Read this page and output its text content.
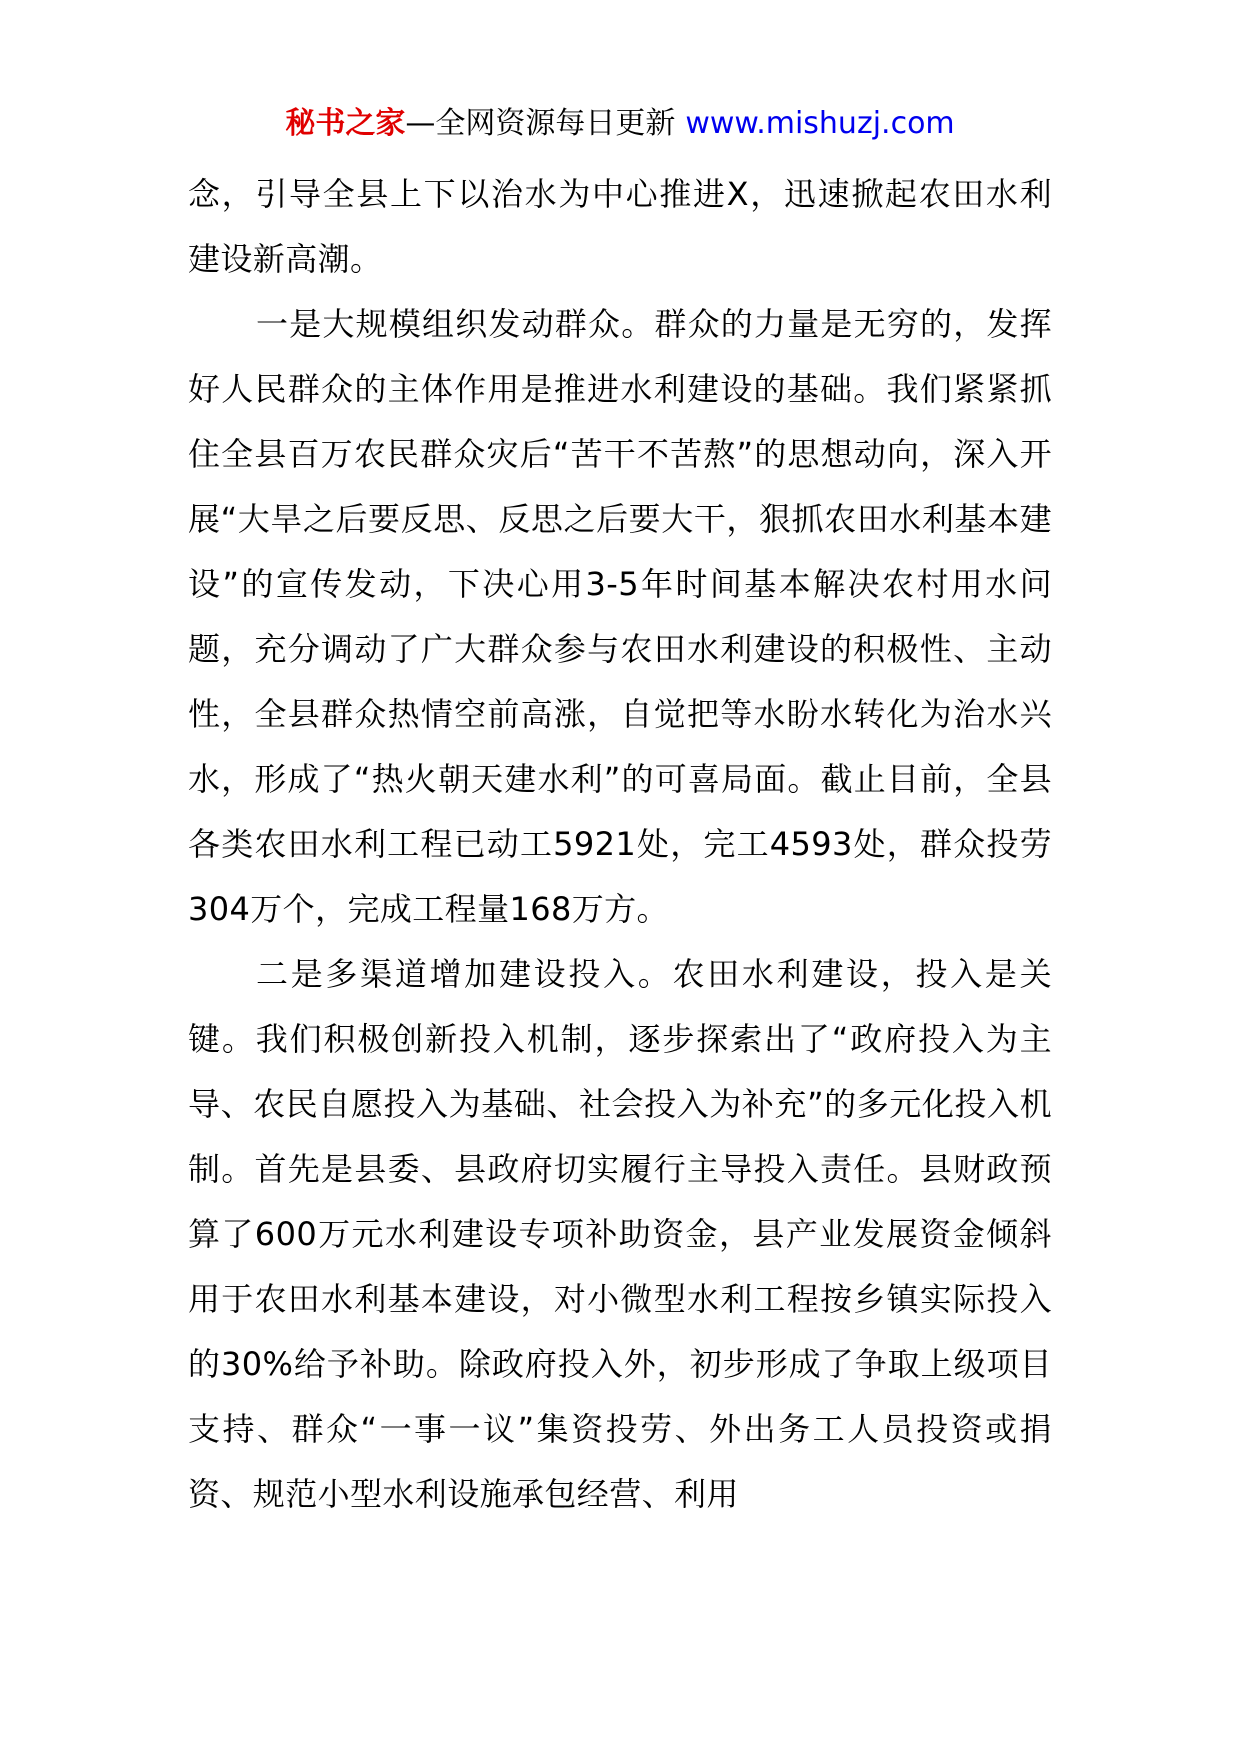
秘书之家—全网资源每日更新 www.mishuzj.com

念，引导全县上下以治水为中心推进X，迅速掀起农田水利建设新高潮。

一是大规模组织发动群众。群众的力量是无穷的，发挥好人民群众的主体作用是推进水利建设的基础。我们紧紧抓住全县百万农民群众灾后“苦干不苦熬”的思想动向，深入开展“大旱之后要反思、反思之后要大干，狠抓农田水利基本建设”的宣传发动，下决心用3-5年时间基本解决农村用水问题，充分调动了广大群众参与农田水利建设的积极性、主动性，全县群众热情空前高涨，自觉把等水盼水转化为治水兴水，形成了“热火朝天建水利”的可喜局面。截止目前，全县各类农田水利工程已动工5921处，完工4593处，群众投劳304万个，完成工程量168万方。

二是多渠道增加建设投入。农田水利建设，投入是关键。我们积极创新投入机制，逐步探索出了“政府投入为主导、农民自愿投入为基础、社会投入为补充”的多元化投入机制。首先是县委、县政府切实履行主导投入责任。县财政预算了600万元水利建设专项补助资金，县产业发展资金倾斜用于农田水利基本建设，对小微型水利工程按乡镇实际投入的30%给予补助。除政府投入外，初步形成了争取上级项目支持、群众“一事一议”集资投劳、外出务工人员投资或捐资、规范小型水利设施承包经营、利用
